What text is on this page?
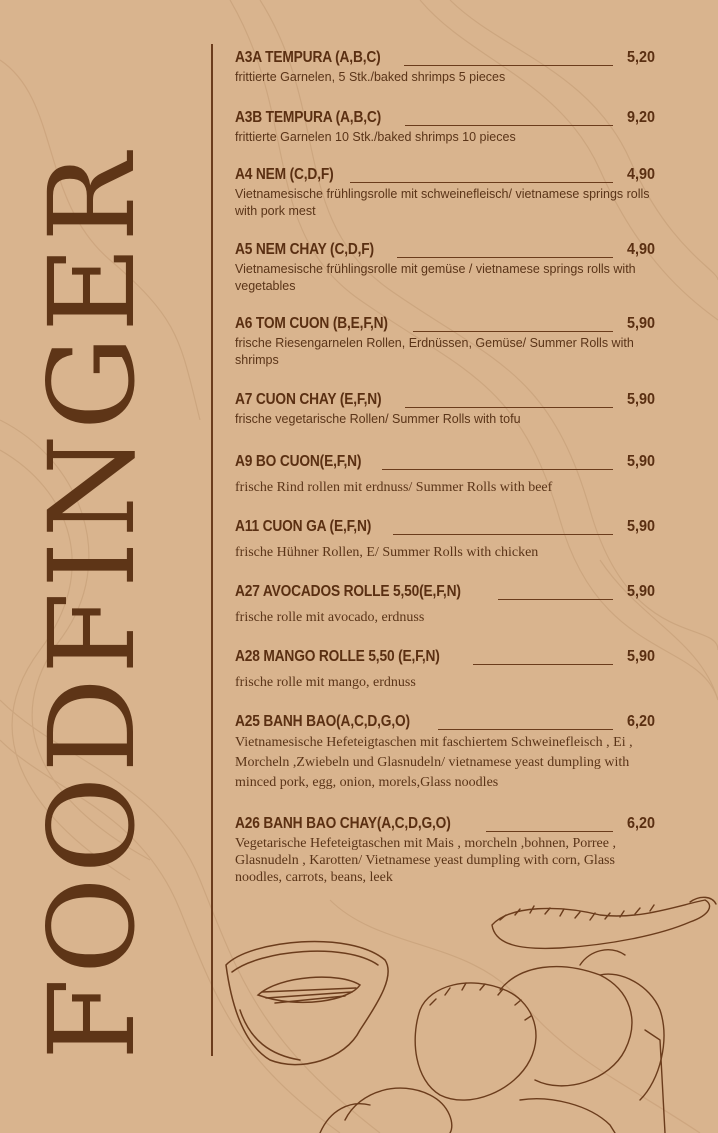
FOODFINGER
A3A TEMPURA (A,B,C)	5,20
frittierte Garnelen, 5 Stk./baked shrimps 5 pieces
A3B TEMPURA (A,B,C)	9,20
frittierte Garnelen 10 Stk./baked shrimps 10 pieces
A4 NEM (C,D,F)	4,90
Vietnamesische frühlingsrolle mit schweinefleisch/ vietnamese springs rolls with pork mest
A5 NEM CHAY (C,D,F)	4,90
Vietnamesische frühlingsrolle mit gemüse / vietnamese springs rolls with vegetables
A6 TOM CUON (B,E,F,N)	5,90
frische Riesengarnelen Rollen, Erdnüssen, Gemüse/ Summer Rolls with shrimps
A7 CUON CHAY (E,F,N)	5,90
frische vegetarische Rollen/ Summer Rolls with tofu
A9 BO CUON(E,F,N)	5,90
frische Rind rollen mit erdnuss/ Summer Rolls with beef
A11 CUON GA (E,F,N)	5,90
frische Hühner Rollen, E/ Summer Rolls with chicken
A27 AVOCADOS ROLLE 5,50(E,F,N)	5,90
frische rolle mit avocado, erdnuss
A28 MANGO ROLLE 5,50 (E,F,N)	5,90
frische rolle mit mango, erdnuss
A25 BANH BAO(A,C,D,G,O)	6,20
Vietnamesische Hefeteigtaschen mit faschiertem Schweinefleisch , Ei , Morcheln ,Zwiebeln und Glasnudeln/ vietnamese yeast dumpling with minced pork, egg, onion, morels,Glass noodles
A26 BANH BAO CHAY(A,C,D,G,O)	6,20
Vegetarische Hefeteigtaschen mit Mais , morcheln ,bohnen, Porree , Glasnudeln , Karotten/ Vietnamese yeast dumpling with corn, Glass noodles, carrots, beans, leek
